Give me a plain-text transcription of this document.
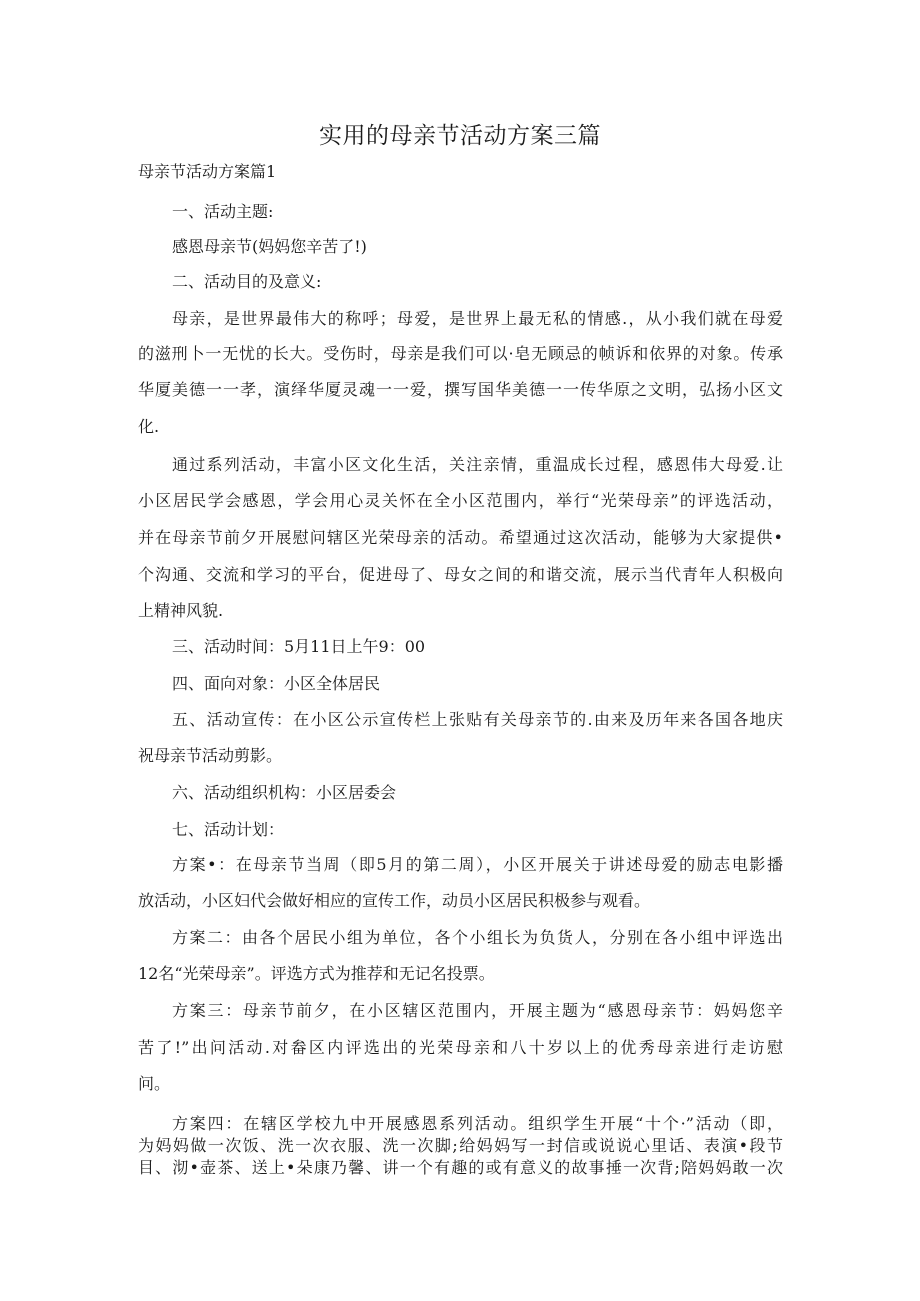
实用的母亲节活动方案三篇

母亲节活动方案篇1

一、活动主题:

感恩母亲节(妈妈您辛苦了!)

二、活动目的及意义:

母亲，是世界最伟大的称呼；母爱，是世界上最无私的情感.，从小我们就在母爱

的滋刑卜一无忧的长大。受伤时，母亲是我们可以·皂无顾忌的帧诉和依界的对象。传承

华厦美德一一孝，演绎华厦灵魂一一爱，撰写国华美德一一传华原之文明，弘扬小区文

化.

通过系列活动，丰富小区文化生活，关注亲情，重温成长过程，感恩伟大母爱.让

小区居民学会感恩，学会用心灵关怀在全小区范围内，举行“光荣母亲”的评选活动，

并在母亲节前夕开展慰问辖区光荣母亲的活动。希望通过这次活动，能够为大家提供•

个沟通、交流和学习的平台，促进母了、母女之间的和谐交流，展示当代青年人积极向

上精神风貌.

三、活动时间：5月11日上午9：00

四、面向对象：小区全体居民

五、活动宣传：在小区公示宣传栏上张贴有关母亲节的.由来及历年来各国各地庆

祝母亲节活动剪影。

六、活动组织机构：小区居委会

七、活动计划：

方案•：在母亲节当周（即5月的第二周），小区开展关于讲述母爱的励志电影播

放活动，小区妇代会做好相应的宣传工作，动员小区居民积极参与观看。

方案二：由各个居民小组为单位，各个小组长为负货人，分别在各小组中评选出

12名“光荣母亲”。评选方式为推荐和无记名投票。

方案三：母亲节前夕，在小区辖区范围内，开展主题为“感恩母亲节：妈妈您辛

苦了!”出问活动.对畚区内评选出的光荣母亲和八十岁以上的优秀母亲进行走访慰

问。

方案四：在辖区学校九中开展感恩系列活动。组织学生开展“十个·”活动（即，

为妈妈做一次饭、洗一次衣服、洗一次脚;给妈妈写一封信或说说心里话、表演•段节

目、沏•壶茶、送上•朵康乃馨、讲一个有趣的或有意义的故事捶一次背;陪妈妈敢一次
